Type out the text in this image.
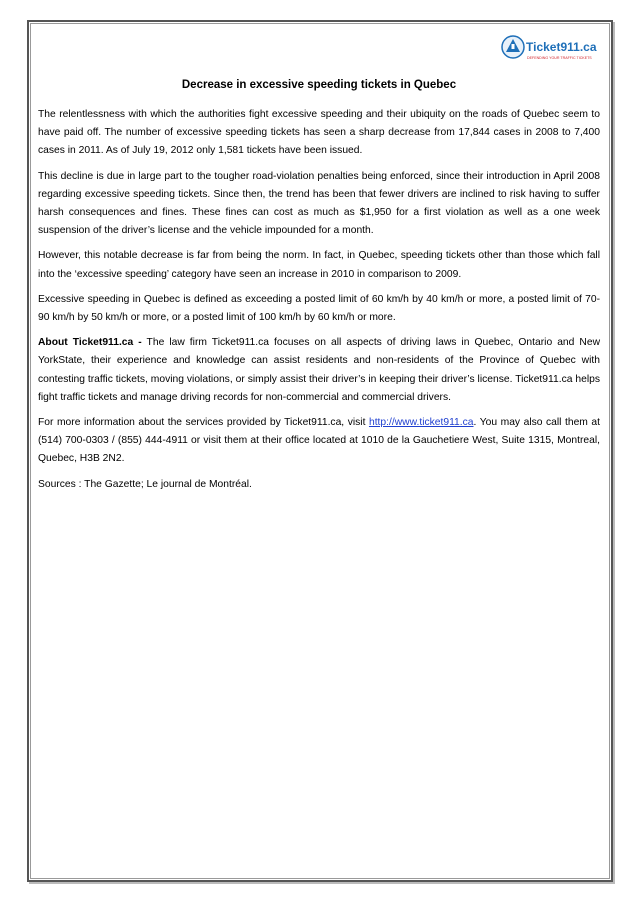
Ticket911.ca
DEFENDING YOUR TRAFFIC TICKETS
Decrease in excessive speeding tickets in Quebec

The relentlessness with which the authorities fight excessive speeding and their ubiquity on the roads of Quebec seem to have paid off. The number of excessive speeding tickets has seen a sharp decrease from 17,844 cases in 2008 to 7,400 cases in 2011. As of July 19, 2012 only 1,581 tickets have been issued.

This decline is due in large part to the tougher road-violation penalties being enforced, since their introduction in April 2008 regarding excessive speeding tickets. Since then, the trend has been that fewer drivers are inclined to risk having to suffer harsh consequences and fines. These fines can cost as much as $1,950 for a first violation as well as a one week suspension of the driver’s license and the vehicle impounded for a month.

However, this notable decrease is far from being the norm. In fact, in Quebec, speeding tickets other than those which fall into the ‘excessive speeding’ category have seen an increase in 2010 in comparison to 2009.

Excessive speeding in Quebec is defined as exceeding a posted limit of 60 km/h by 40 km/h or more, a posted limit of 70-90 km/h by 50 km/h or more, or a posted limit of 100 km/h by 60 km/h or more.

About Ticket911.ca - The law firm Ticket911.ca focuses on all aspects of driving laws in Quebec, Ontario and New YorkState, their experience and knowledge can assist residents and non-residents of the Province of Quebec with contesting traffic tickets, moving violations, or simply assist their driver’s in keeping their driver’s license. Ticket911.ca helps fight traffic tickets and manage driving records for non-commercial and commercial drivers.

For more information about the services provided by Ticket911.ca, visit http://www.ticket911.ca. You may also call them at (514) 700-0303 / (855) 444-4911 or visit them at their office located at 1010 de la Gauchetiere West, Suite 1315, Montreal, Quebec, H3B 2N2.

Sources : The Gazette; Le journal de Montréal.
